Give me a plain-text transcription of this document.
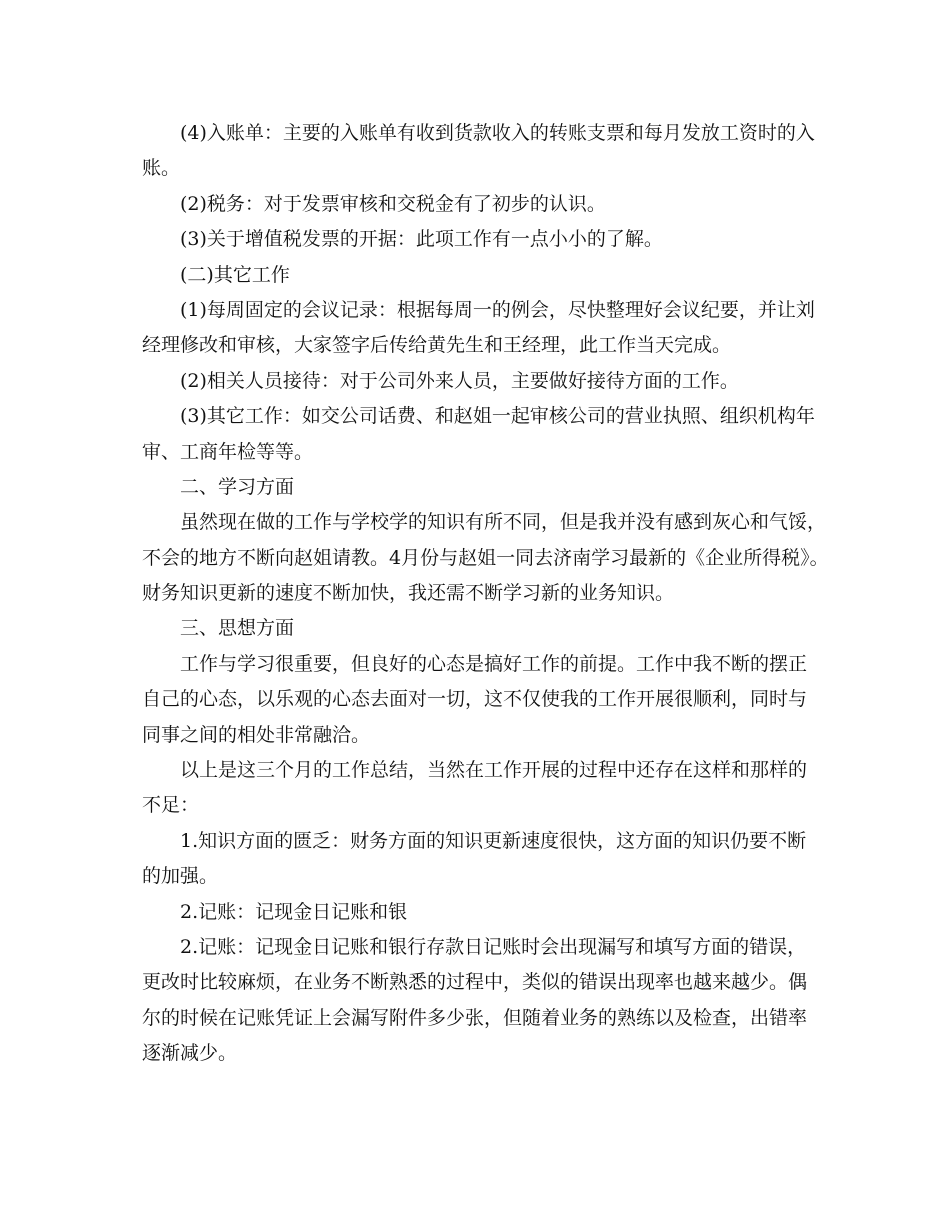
(4)入账单：主要的入账单有收到货款收入的转账支票和每月发放工资时的入
账。
(2)税务：对于发票审核和交税金有了初步的认识。
(3)关于增值税发票的开据：此项工作有一点小小的了解。
(二)其它工作
(1)每周固定的会议记录：根据每周一的例会，尽快整理好会议纪要，并让刘
经理修改和审核，大家签字后传给黄先生和王经理，此工作当天完成。
(2)相关人员接待：对于公司外来人员，主要做好接待方面的工作。
(3)其它工作：如交公司话费、和赵姐一起审核公司的营业执照、组织机构年
审、工商年检等等。
二、学习方面
虽然现在做的工作与学校学的知识有所不同，但是我并没有感到灰心和气馁，
不会的地方不断向赵姐请教。4月份与赵姐一同去济南学习最新的《企业所得税》。
财务知识更新的速度不断加快，我还需不断学习新的业务知识。
三、思想方面
工作与学习很重要，但良好的心态是搞好工作的前提。工作中我不断的摆正
自己的心态，以乐观的心态去面对一切，这不仅使我的工作开展很顺利，同时与
同事之间的相处非常融洽。
以上是这三个月的工作总结，当然在工作开展的过程中还存在这样和那样的
不足：
1.知识方面的匮乏：财务方面的知识更新速度很快，这方面的知识仍要不断
的加强。
2.记账：记现金日记账和银
2.记账：记现金日记账和银行存款日记账时会出现漏写和填写方面的错误，
更改时比较麻烦，在业务不断熟悉的过程中，类似的错误出现率也越来越少。偶
尔的时候在记账凭证上会漏写附件多少张，但随着业务的熟练以及检查，出错率
逐渐减少。
